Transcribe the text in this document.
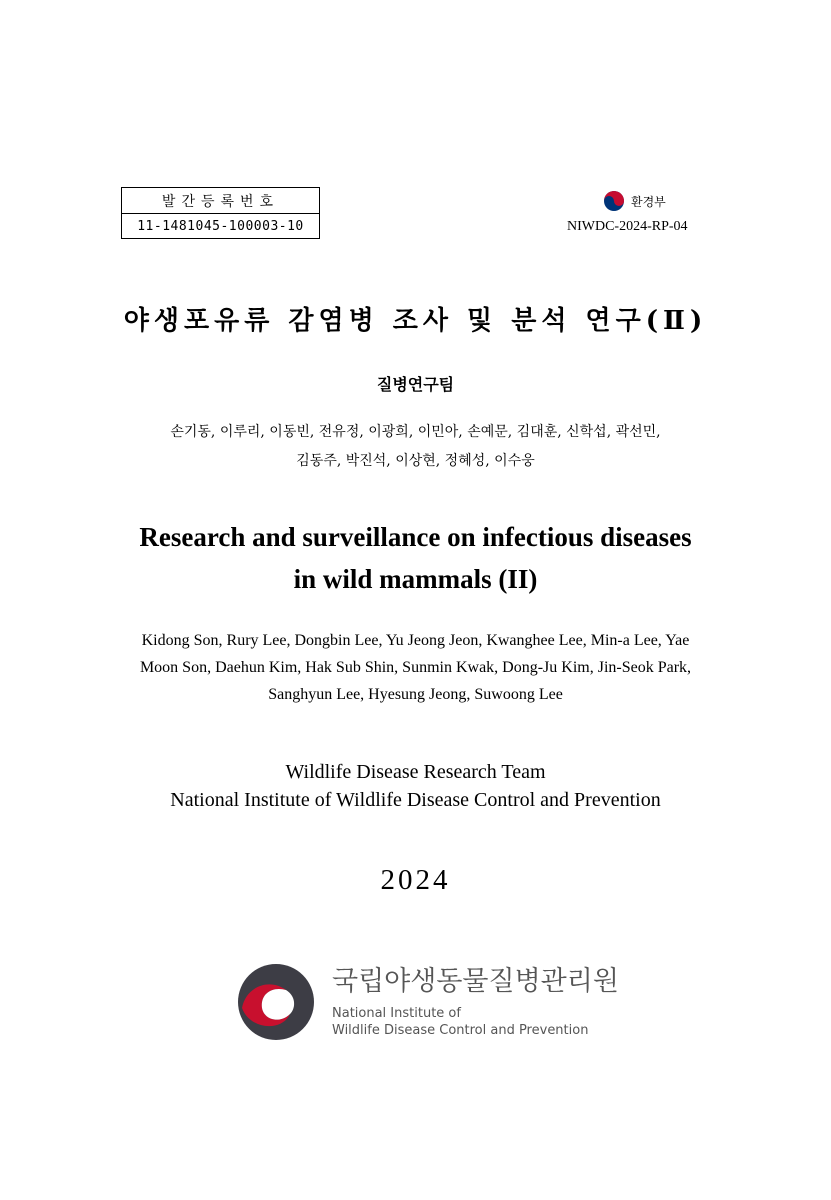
발간등록번호
11-1481045-100003-10
환경부
NIWDC-2024-RP-04
야생포유류 감염병 조사 및 분석 연구(Ⅱ)
질병연구팀
손기동, 이루리, 이동빈, 전유정, 이광희, 이민아, 손예문, 김대훈, 신학섭, 곽선민,
김동주, 박진석, 이상현, 정혜성, 이수웅
Research and surveillance on infectious diseases
in wild mammals (II)
Kidong Son, Rury Lee, Dongbin Lee, Yu Jeong Jeon, Kwanghee Lee, Min-a Lee, Yae
Moon Son, Daehun Kim, Hak Sub Shin, Sunmin Kwak, Dong-Ju Kim, Jin-Seok Park,
Sanghyun Lee, Hyesung Jeong, Suwoong Lee
Wildlife Disease Research Team
National Institute of Wildlife Disease Control and Prevention
2024
국립야생동물질병관리원
National Institute of
Wildlife Disease Control and Prevention
